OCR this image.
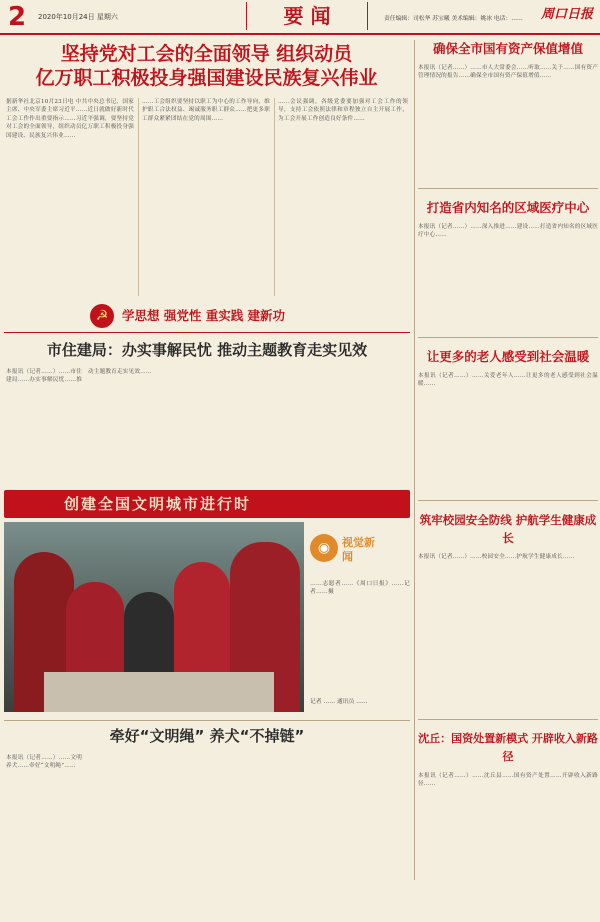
2 2020年10月24日 星期六	要 闻	责任编辑：司松华 苏宝曦 美术编辑：姚冰 电话：…… 周口日报
坚持党对工会的全面领导 组织动员
亿万职工积极投身强国建设民族复兴伟业
据新华社北京10月23日电 中共中央总书记、国家主席、中央军委主席习近平……近日就做好新时代工会工作作出重要指示……习近平强调，要坚持党对工会的全面领导，组织动员亿万职工积极投身强国建设、民族复兴伟业……
……工会组织要坚持以职工为中心的工作导向，维护职工合法权益、竭诚服务职工群众……把更多职工群众紧紧团结在党的周围……
……会议强调，各级党委要加强对工会工作的领导，支持工会依照法律和章程独立自主开展工作，为工会开展工作创造良好条件……
确保全市国有资产保值增值
本报讯（记者……）……市人大常委会……听取……关于……国有资产管理情况的报告……确保全市国有资产保值增值……
打造省内知名的区域医疗中心
本报讯（记者……）……深入推进……建设……打造省内知名的区域医疗中心……
让更多的老人感受到社会温暖
本报讯（记者……）……关爱老年人……让更多的老人感受到社会温暖……
筑牢校园安全防线 护航学生健康成长
本报讯（记者……）……校园安全……护航学生健康成长……
沈丘：国资处置新模式 开辟收入新路径
本报讯（记者……）……沈丘县……国有资产处置……开辟收入新路径……
☭	学思想 强党性 重实践 建新功
市住建局：办实事解民忧 推动主题教育走实见效
本报讯（记者……）……市住建局……办实事解民忧……推动主题教育走实见效……
创建全国文明城市进行时
◉	视觉新闻
……志愿者……《周口日报》……记者……摄
记者 …… 通讯员 ……
牵好“文明绳” 养犬“不掉链”
本报讯（记者……）……文明养犬……牵好“文明绳”……
